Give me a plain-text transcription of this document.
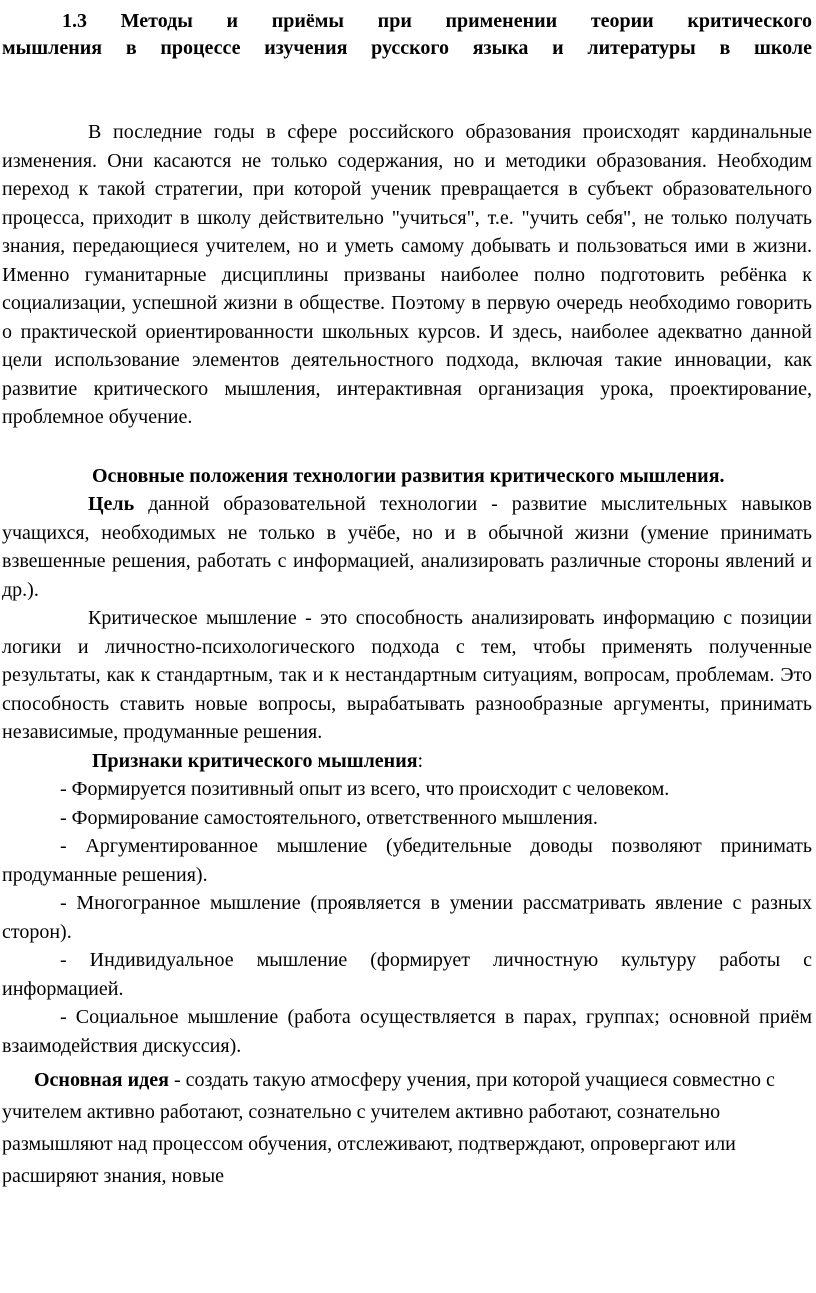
1.3 Методы и приёмы при применении теории критического
мышления в процессе изучения русского языка и литературы в школе

В последние годы в сфере российского образования происходят кардинальные изменения. Они касаются не только содержания, но и методики образования. Необходим переход к такой стратегии, при которой ученик превращается в субъект образовательного процесса, приходит в школу действительно "учиться", т.е. "учить себя", не только получать знания, передающиеся учителем, но и уметь самому добывать и пользоваться ими в жизни. Именно гуманитарные дисциплины призваны наиболее полно подготовить ребёнка к социализации, успешной жизни в обществе. Поэтому в первую очередь необходимо говорить о практической ориентированности школьных курсов. И здесь, наиболее адекватно данной цели использование элементов деятельностного подхода, включая такие инновации, как развитие критического мышления, интерактивная организация урока, проектирование, проблемное обучение.

Основные положения технологии развития критического мышления.

Цель данной образовательной технологии - развитие мыслительных навыков учащихся, необходимых не только в учёбе, но и в обычной жизни (умение принимать взвешенные решения, работать с информацией, анализировать различные стороны явлений и др.).

Критическое мышление - это способность анализировать информацию с позиции логики и личностно-психологического подхода с тем, чтобы применять полученные результаты, как к стандартным, так и к нестандартным ситуациям, вопросам, проблемам. Это способность ставить новые вопросы, вырабатывать разнообразные аргументы, принимать независимые, продуманные решения.

Признаки критического мышления:

- Формируется позитивный опыт из всего, что происходит с человеком.

- Формирование самостоятельного, ответственного мышления.

- Аргументированное мышление (убедительные доводы позволяют принимать продуманные решения).

- Многогранное мышление (проявляется в умении рассматривать явление с разных сторон).

- Индивидуальное мышление (формирует личностную культуру работы с информацией.

- Социальное мышление (работа осуществляется в парах, группах; основной приём взаимодействия дискуссия).

Основная идея - создать такую атмосферу учения, при которой учащиеся совместно с учителем активно работают, сознательно с учителем активно работают, сознательно размышляют над процессом обучения, отслеживают, подтверждают, опровергают или расширяют знания, новые
